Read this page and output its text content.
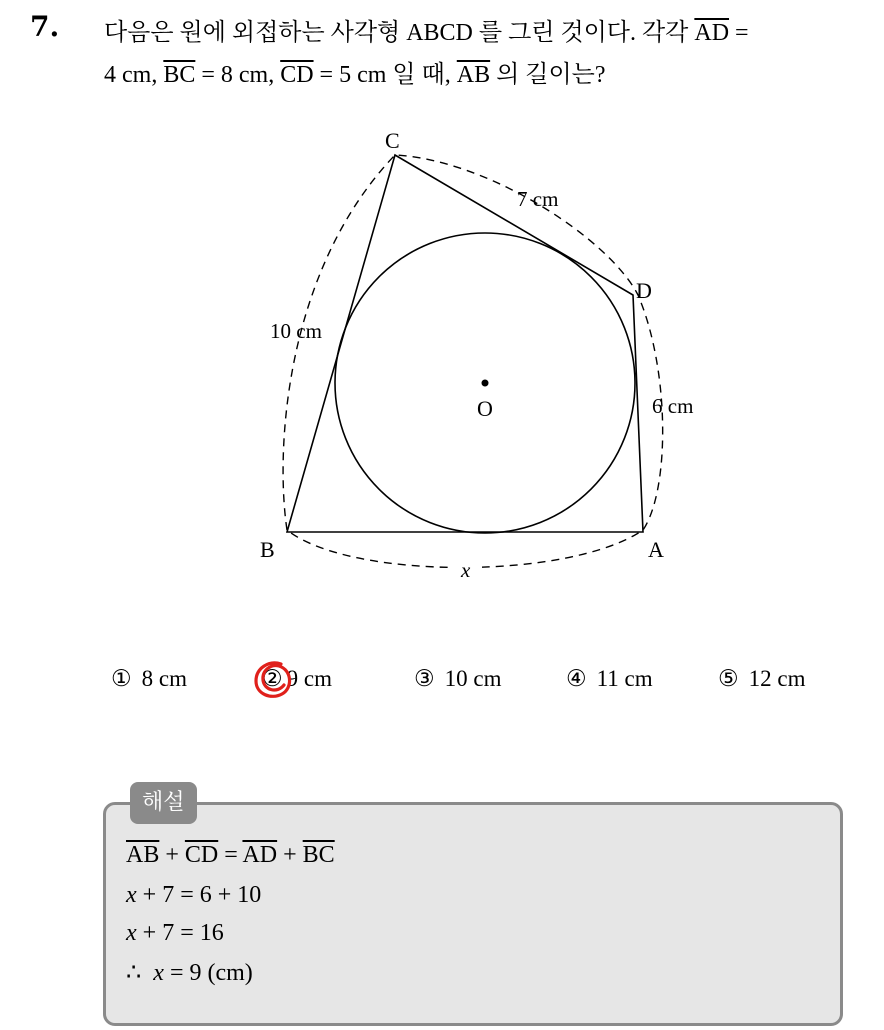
7. 다음은 원에 외접하는 사각형 ABCD 를 그린 것이다. 각각 $\overline{AD}$ =
4 cm, $\overline{BC} = 8$ cm, $\overline{CD} = 5$ cm 일 때, $\overline{AB}$ 의 길이는?
C
D
B	A
O
10 cm
7 cm
6 cm
x
① 8 cm	② 9 cm	③ 10 cm	④ 11 cm	⑤ 12 cm
해설
$\overline{AB} + \overline{CD} = \overline{AD} + \overline{BC}$
x + 7 = 6 + 10
x + 7 = 16
∴ x = 9 (cm)
